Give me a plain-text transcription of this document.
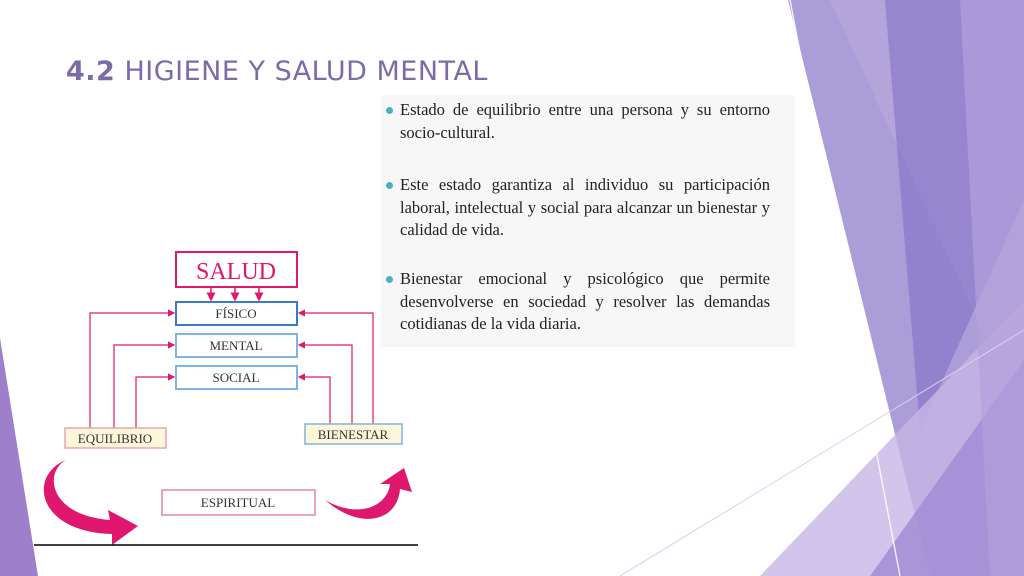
4.2 HIGIENE Y SALUD MENTAL
Estado de equilibrio entre una persona y su entorno socio-cultural.
Este estado garantiza al individuo su participación laboral, intelectual y social para alcanzar un bienestar y calidad de vida.
Bienestar emocional y psicológico que permite desenvolverse en sociedad y resolver las demandas cotidianas de la vida diaria.
SALUD
FÍSICO
MENTAL
SOCIAL
EQUILIBRIO	BIENESTAR
ESPIRITUAL
